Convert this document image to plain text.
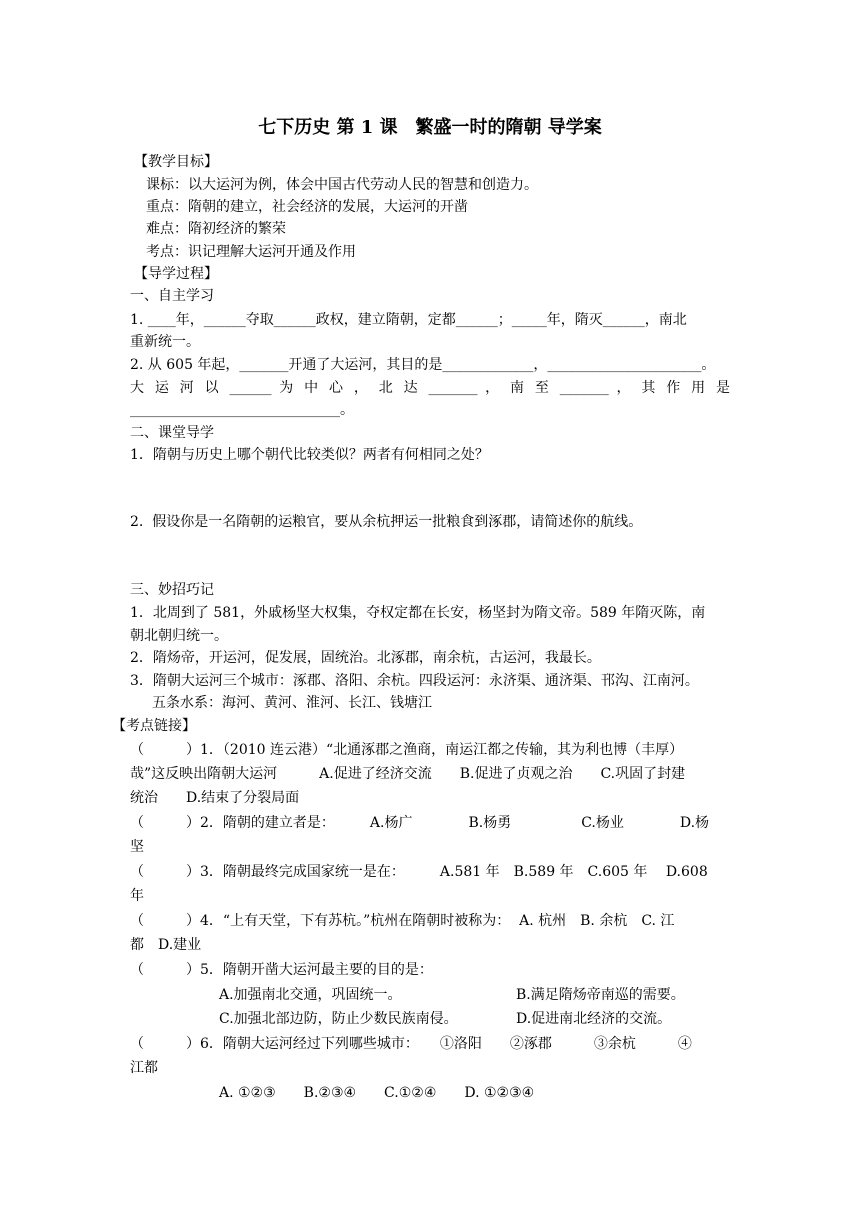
七下历史 第 1 课　繁盛一时的隋朝 导学案
【教学目标】
课标：以大运河为例，体会中国古代劳动人民的智慧和创造力。
重点：隋朝的建立，社会经济的发展，大运河的开凿
难点：隋初经济的繁荣
考点：识记理解大运河开通及作用
【导学过程】
一、自主学习
1. ____年，______夺取______政权，建立隋朝，定都______；_____年，隋灭______，南北
重新统一。
2. 从 605 年起，_______开通了大运河，其目的是_____________，______________________。
大 运 河 以 ______ 为 中 心 ， 北 达 _______ ， 南 至 _______ ， 其 作 用 是
______________________________。
二、课堂导学
1．隋朝与历史上哪个朝代比较类似？两者有何相同之处？
2.  假设你是一名隋朝的运粮官，要从余杭押运一批粮食到涿郡，请简述你的航线。
三、妙招巧记
1．北周到了 581，外戚杨坚大权集，夺权定都在长安，杨坚封为隋文帝。589 年隋灭陈，南
朝北朝归统一。
2．隋炀帝，开运河，促发展，固统治。北涿郡，南余杭，古运河，我最长。
3．隋朝大运河三个城市：涿郡、洛阳、余杭。四段运河：永济渠、通济渠、邗沟、江南河。
五条水系：海河、黄河、淮河、长江、钱塘江
【考点链接】
（　　　）1．（2010 连云港）“北通涿郡之渔商，南运江都之传输，其为利也博（丰厚）
哉”这反映出隋朝大运河　　　A.促进了经济交流　　B.促进了贞观之治　　C.巩固了封建
统治　　D.结束了分裂局面
（　　　）2．隋朝的建立者是：　　　A.杨广　　　　B.杨勇　　　　　C.杨业　　　　D.杨
坚
（　　　）3．隋朝最终完成国家统一是在：　　　A.581 年　B.589 年　C.605 年　 D.608
年
（　　　）4．“上有天堂，下有苏杭。”杭州在隋朝时被称为：  A. 杭州　B. 余杭　C. 江
都　D.建业
（　　　）5．隋朝开凿大运河最主要的目的是：
A.加强南北交通，巩固统一。	B.满足隋炀帝南巡的需要。
C.加强北部边防，防止少数民族南侵。	D.促进南北经济的交流。
（　　　）6．隋朝大运河经过下列哪些城市：　　①洛阳　　②涿郡　　　③余杭　　　④
江都
A. ①②③　　B.②③④　　C.①②④　　D. ①②③④
